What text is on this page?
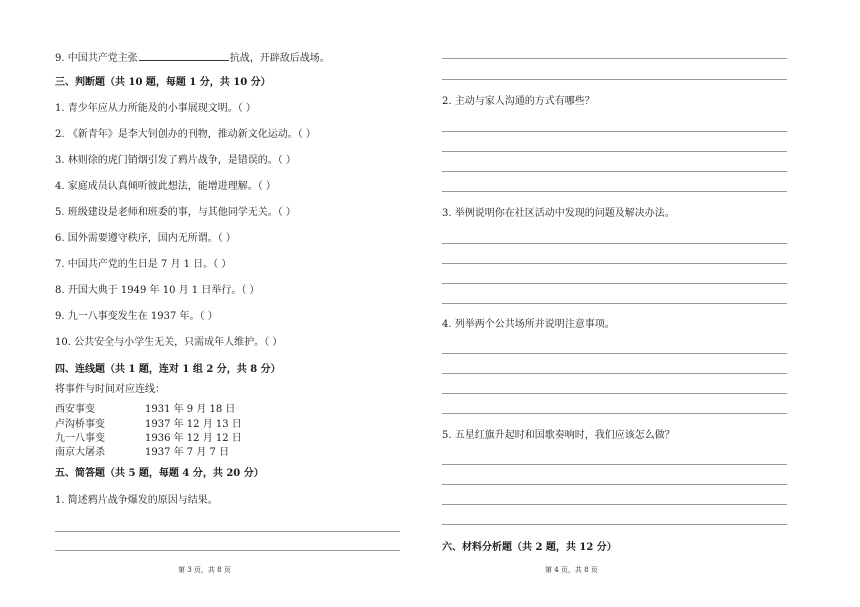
9. 中国共产党主张	抗战，开辟敌后战场。
三、判断题（共 10 题，每题 1 分，共 10 分）
1. 青少年应从力所能及的小事展现文明。（ ）
2. 《新青年》是李大钊创办的刊物，推动新文化运动。（ ）
3. 林则徐的虎门销烟引发了鸦片战争，是错误的。（ ）
4. 家庭成员认真倾听彼此想法，能增进理解。（ ）
5. 班级建设是老师和班委的事，与其他同学无关。（ ）
6. 国外需要遵守秩序，国内无所谓。（ ）
7. 中国共产党的生日是 7 月 1 日。（ ）
8. 开国大典于 1949 年 10 月 1 日举行。（ ）
9. 九一八事变发生在 1937 年。（ ）
10. 公共安全与小学生无关，只需成年人维护。（ ）
四、连线题（共 1 题，连对 1 组 2 分，共 8 分）
将事件与时间对应连线：
西安事变
卢沟桥事变
九一八事变
南京大屠杀
1931 年 9 月 18 日
1937 年 12 月 13 日
1936 年 12 月 12 日
1937 年 7 月 7 日
五、简答题（共 5 题，每题 4 分，共 20 分）
1. 简述鸦片战争爆发的原因与结果。
第 3 页，共 8 页
2. 主动与家人沟通的方式有哪些？
3. 举例说明你在社区活动中发现的问题及解决办法。
4. 列举两个公共场所并说明注意事项。
5. 五星红旗升起时和国歌奏响时，我们应该怎么做？
六、材料分析题（共 2 题，共 12 分）
第 4 页，共 8 页
